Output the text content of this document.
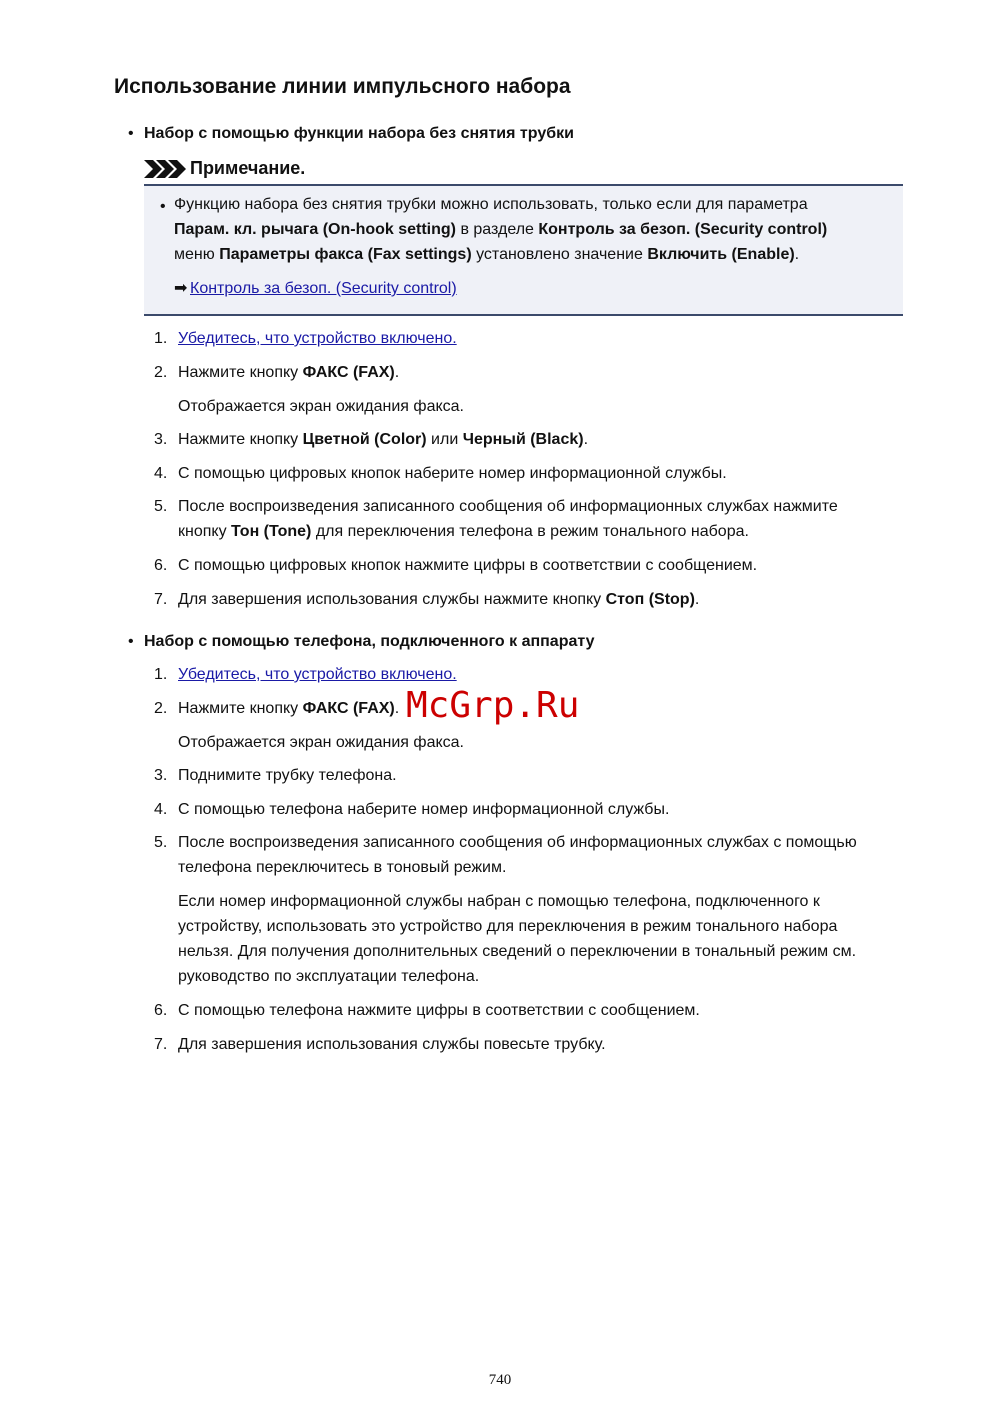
Использование линии импульсного набора
• Набор с помощью функции набора без снятия трубки
Примечание.
• Функцию набора без снятия трубки можно использовать, только если для параметра
Парам. кл. рычага (On-hook setting) в разделе Контроль за безоп. (Security control)
меню Параметры факса (Fax settings) установлено значение Включить (Enable).
➡ Контроль за безоп. (Security control)
1. Убедитесь, что устройство включено.
2. Нажмите кнопку ФАКС (FAX).
Отображается экран ожидания факса.
3. Нажмите кнопку Цветной (Color) или Черный (Black).
4. С помощью цифровых кнопок наберите номер информационной службы.
5. После воспроизведения записанного сообщения об информационных службах нажмите
кнопку Тон (Tone) для переключения телефона в режим тонального набора.
6. С помощью цифровых кнопок нажмите цифры в соответствии с сообщением.
7. Для завершения использования службы нажмите кнопку Стоп (Stop).
• Набор с помощью телефона, подключенного к аппарату
1. Убедитесь, что устройство включено.
2. Нажмите кнопку ФАКС (FAX).
Отображается экран ожидания факса.
3. Поднимите трубку телефона.
4. С помощью телефона наберите номер информационной службы.
5. После воспроизведения записанного сообщения об информационных службах с помощью
телефона переключитесь в тоновый режим.
Если номер информационной службы набран с помощью телефона, подключенного к
устройству, использовать это устройство для переключения в режим тонального набора
нельзя. Для получения дополнительных сведений о переключении в тональный режим см.
руководство по эксплуатации телефона.
6. С помощью телефона нажмите цифры в соответствии с сообщением.
7. Для завершения использования службы повесьте трубку.
McGrp.Ru
740
